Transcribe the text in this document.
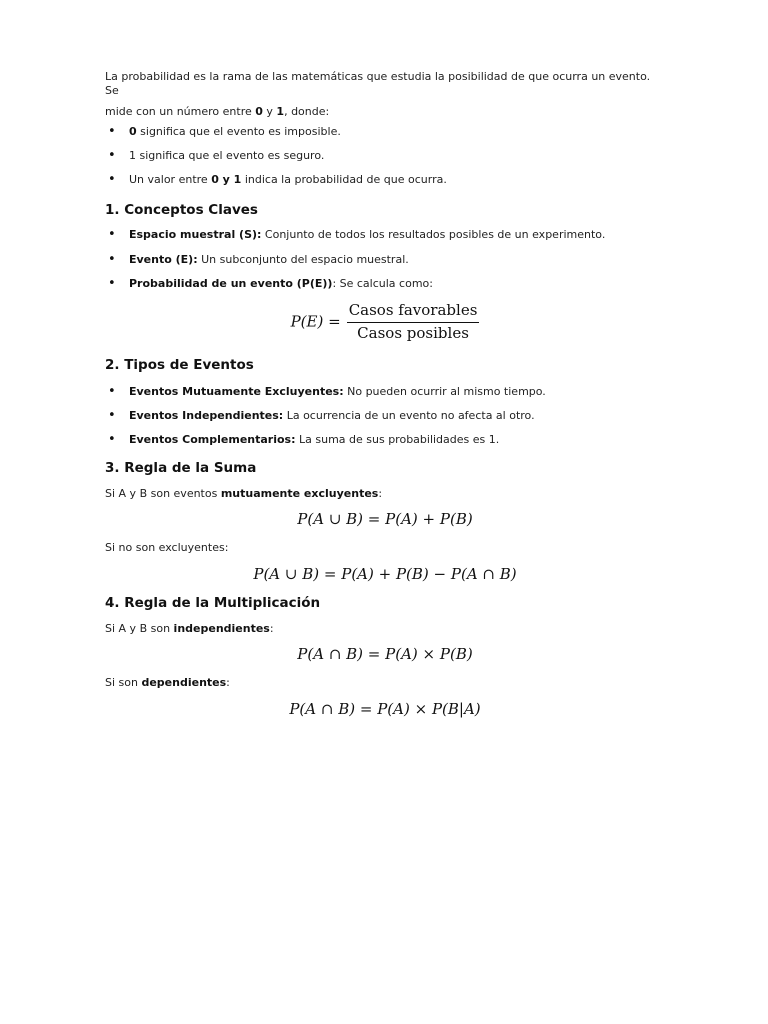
La probabilidad es la rama de las matemáticas que estudia la posibilidad de que ocurra un evento. Se
mide con un número entre 0 y 1, donde:
• 0 significa que el evento es imposible.
• 1 significa que el evento es seguro.
• Un valor entre 0 y 1 indica la probabilidad de que ocurra.
1. Conceptos Claves
• Espacio muestral (S): Conjunto de todos los resultados posibles de un experimento.
• Evento (E): Un subconjunto del espacio muestral.
• Probabilidad de un evento (P(E)): Se calcula como:
$P(E) = \frac{\text{Casos favorables}}{\text{Casos posibles}}$
2. Tipos de Eventos
• Eventos Mutuamente Excluyentes: No pueden ocurrir al mismo tiempo.
• Eventos Independientes: La ocurrencia de un evento no afecta al otro.
• Eventos Complementarios: La suma de sus probabilidades es 1.
3. Regla de la Suma

Si A y B son eventos mutuamente excluyentes:

P(A ∪ B) = P(A) + P(B)

Si no son excluyentes:

P(A ∪ B) = P(A) + P(B) − P(A ∩ B)
4. Regla de la Multiplicación

Si A y B son independientes:

P(A ∩ B) = P(A) × P(B)

Si son dependientes:

P(A ∩ B) = P(A) × P(B|A)
